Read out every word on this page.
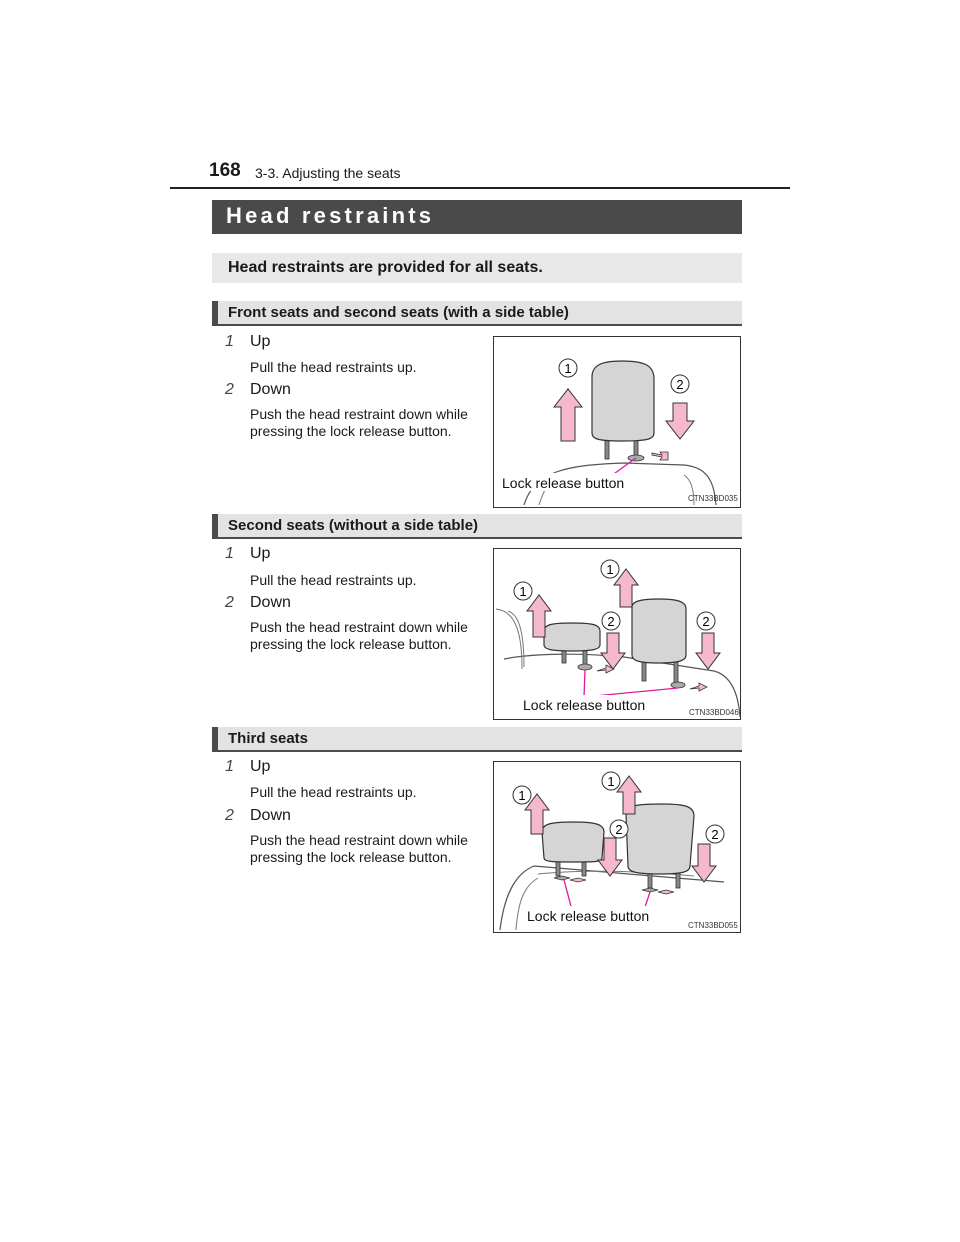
168 3-3. Adjusting the seats
Head restraints
Head restraints are provided for all seats.
Front seats and second seats (with a side table)
1 Up
Pull the head restraints up.
2 Down
Push the head restraint down while pressing the lock release button.
1
2
Lock release button
CTN33BD035
Second seats (without a side table)
1 Up
Pull the head restraints up.
2 Down
Push the head restraint down while pressing the lock release button.
1
1
2	2
Lock release button	CTN33BD046
Third seats
1 Up
Pull the head restraints up.
2 Down
Push the head restraint down while pressing the lock release button.
1
1
2	2
Lock release button
CTN33BD055
